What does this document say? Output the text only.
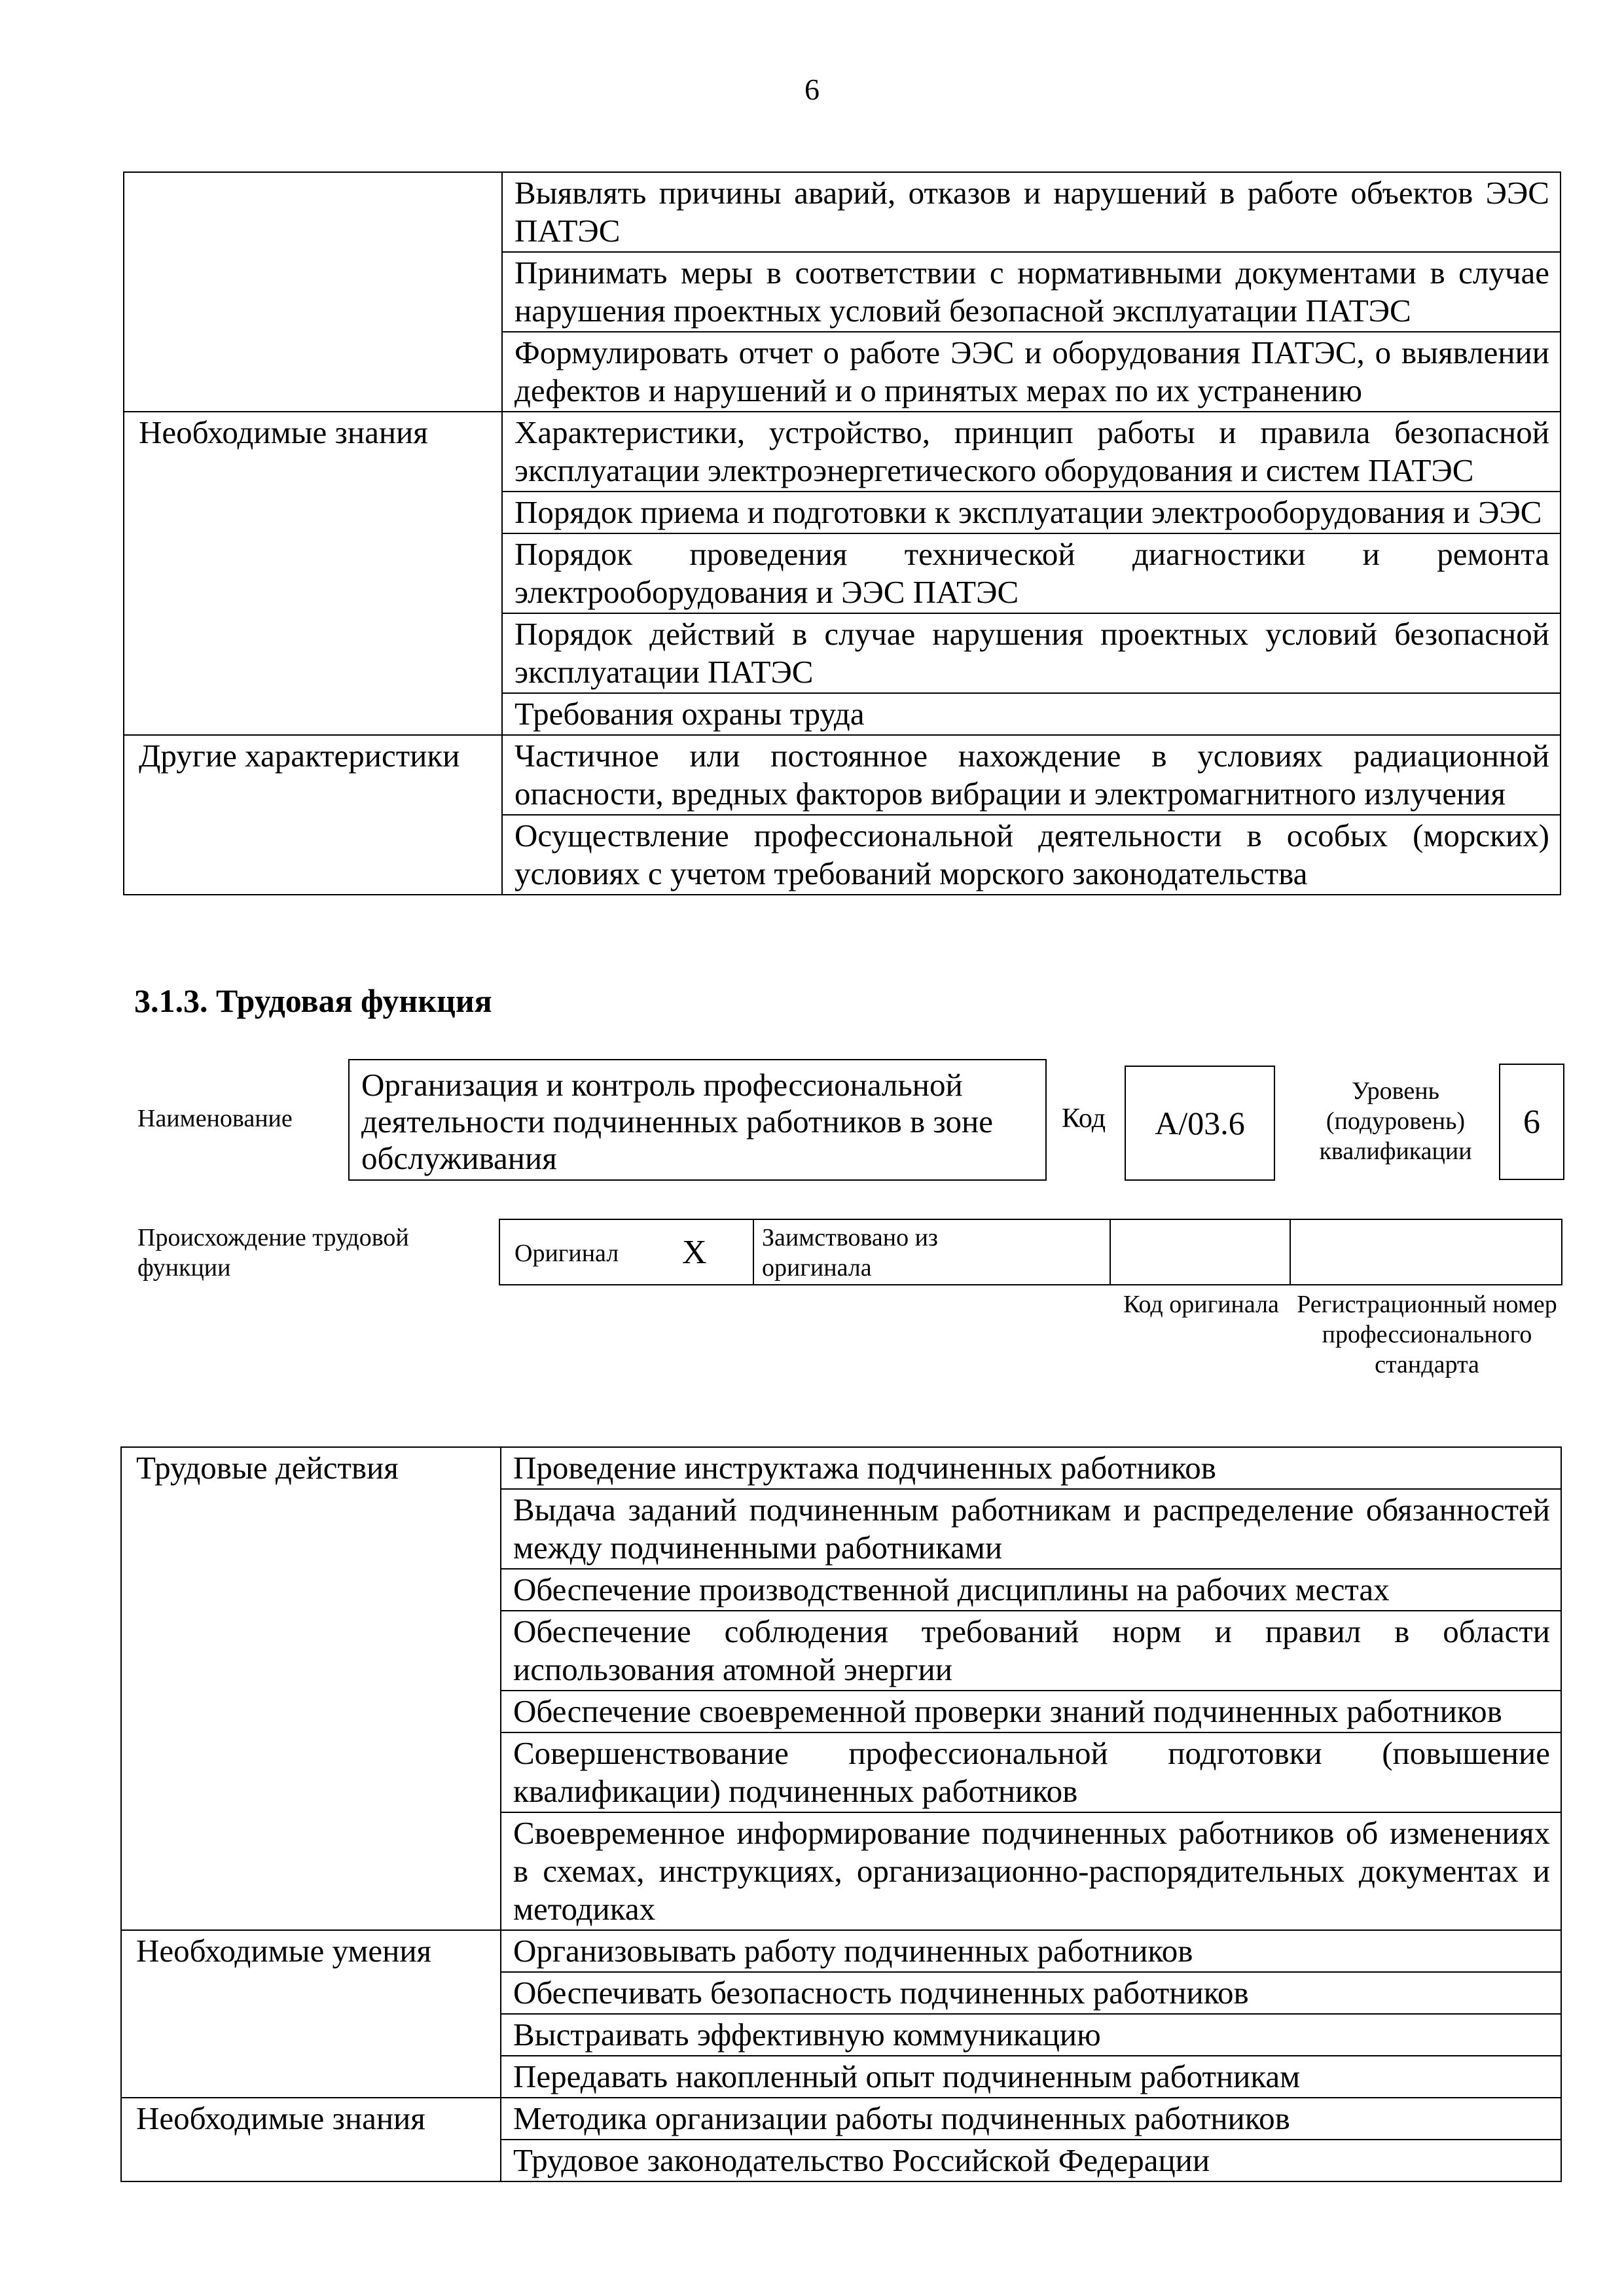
6
	Выявлять причины аварий, отказов и нарушений в работе объектов ЭЭС ПАТЭС
	Принимать меры в соответствии с нормативными документами в случае нарушения проектных условий безопасной эксплуатации ПАТЭС
	Формулировать отчет о работе ЭЭС и оборудования ПАТЭС, о выявлении дефектов и нарушений и о принятых мерах по их устранению
Необходимые знания	Характеристики, устройство, принцип работы и правила безопасной эксплуатации электроэнергетического оборудования и систем ПАТЭС
	Порядок приема и подготовки к эксплуатации электрооборудования и ЭЭС
	Порядок проведения технической диагностики и ремонта электрооборудования и ЭЭС ПАТЭС
	Порядок действий в случае нарушения проектных условий безопасной эксплуатации ПАТЭС
	Требования охраны труда
Другие характеристики	Частичное или постоянное нахождение в условиях радиационной опасности, вредных факторов вибрации и электромагнитного излучения
	Осуществление профессиональной деятельности в особых (морских) условиях с учетом требований морского законодательства
3.1.3. Трудовая функция
Наименование
Организация и контроль профессиональной деятельности подчиненных работников в зоне обслуживания
Код А/03.6
Уровень (подуровень) квалификации
6
Происхождение трудовой функции
Оригинал X Заимствовано из оригинала
Код оригинала Регистрационный номер профессионального стандарта
Трудовые действия	Проведение инструктажа подчиненных работников
	Выдача заданий подчиненным работникам и распределение обязанностей между подчиненными работниками
	Обеспечение производственной дисциплины на рабочих местах
	Обеспечение соблюдения требований норм и правил в области использования атомной энергии
	Обеспечение своевременной проверки знаний подчиненных работников
	Совершенствование профессиональной подготовки (повышение квалификации) подчиненных работников
	Своевременное информирование подчиненных работников об изменениях в схемах, инструкциях, организационно-распорядительных документах и методиках
Необходимые умения	Организовывать работу подчиненных работников
	Обеспечивать безопасность подчиненных работников
	Выстраивать эффективную коммуникацию
	Передавать накопленный опыт подчиненным работникам
Необходимые знания	Методика организации работы подчиненных работников
	Трудовое законодательство Российской Федерации
